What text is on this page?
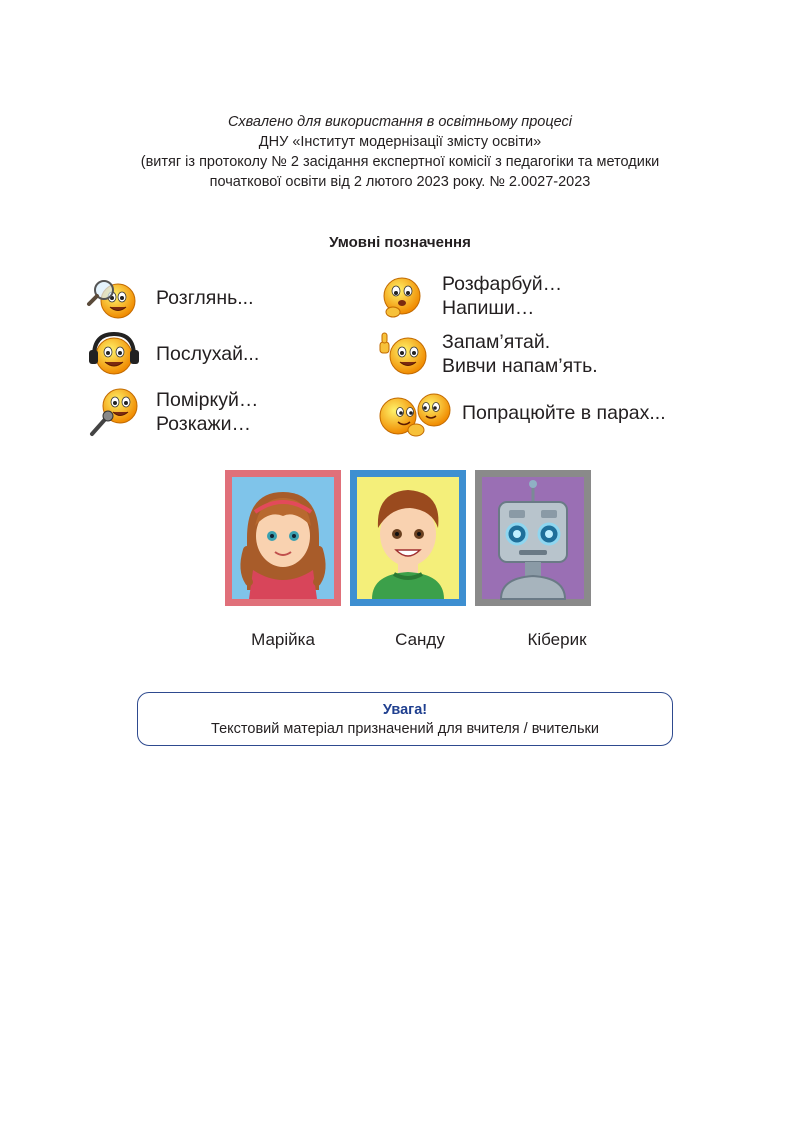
Схвалено для використання в освітньому процесі
ДНУ «Інститут модернізації змісту освіти»
(витяг із протоколу № 2 засідання експертної комісії з педагогіки та методики
початкової освіти від 2 лютого 2023 року. № 2.0027-2023
Умовні позначення
Розглянь...
Послухай...
Поміркуй…
Розкажи…
Розфарбуй…
Напиши…
Запам’ятай.
Вивчи напам’ять.
Попрацюйте в парах...
Марійка	Санду	Кіберик
Увага!
Текстовий матеріал призначений для вчителя / вчительки
